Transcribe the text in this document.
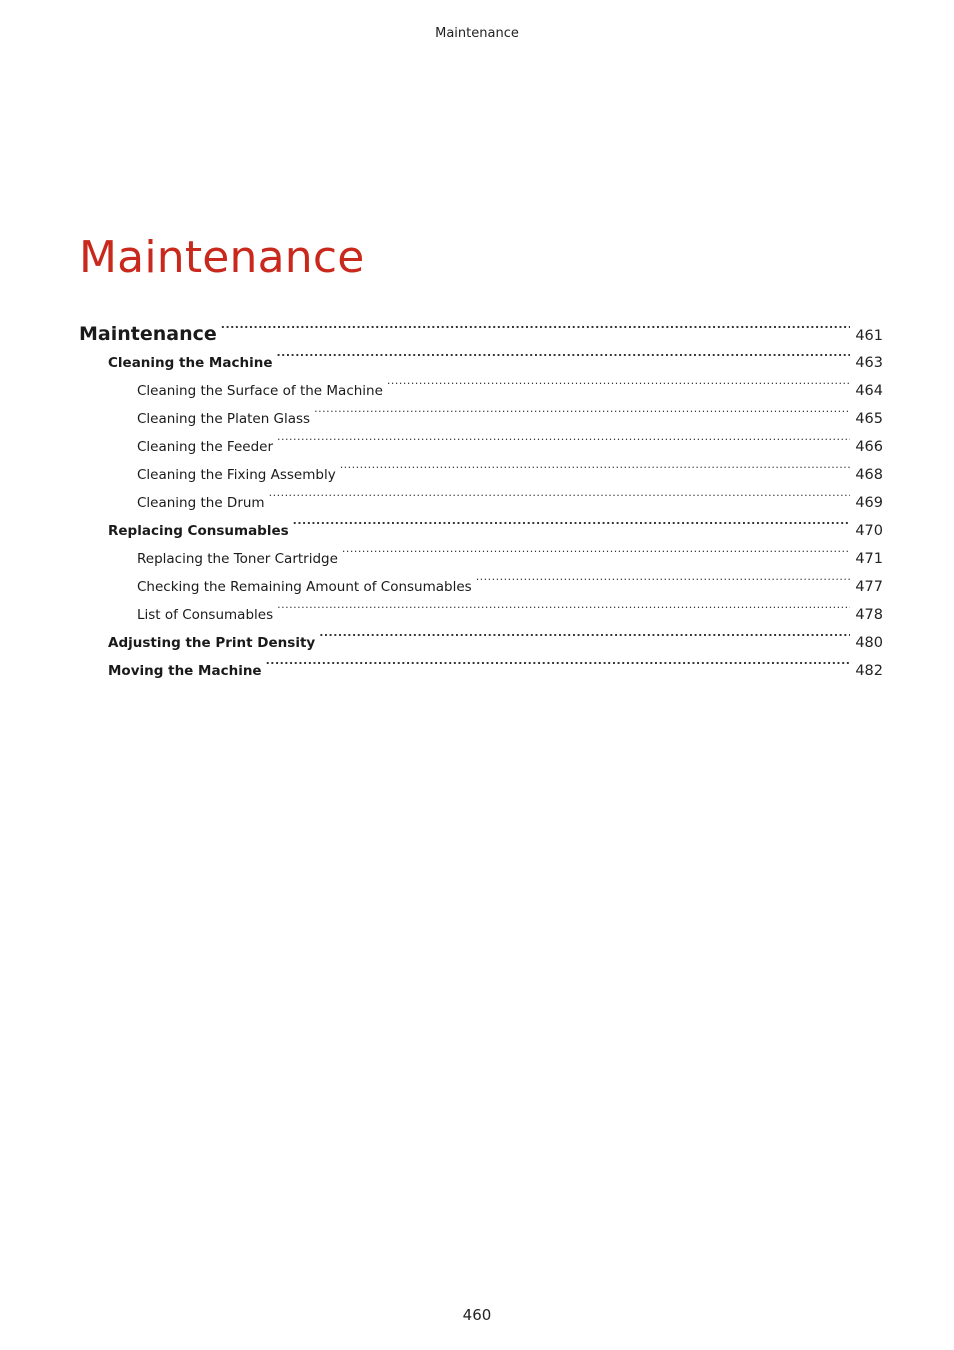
Maintenance
Maintenance
Maintenance .....	461
Cleaning the Machine .....	463
Cleaning the Surface of the Machine .....	464
Cleaning the Platen Glass .....	465
Cleaning the Feeder .....	466
Cleaning the Fixing Assembly .....	468
Cleaning the Drum .....	469
Replacing Consumables .....	470
Replacing the Toner Cartridge .....	471
Checking the Remaining Amount of Consumables .....	477
List of Consumables .....	478
Adjusting the Print Density .....	480
Moving the Machine .....	482
460
